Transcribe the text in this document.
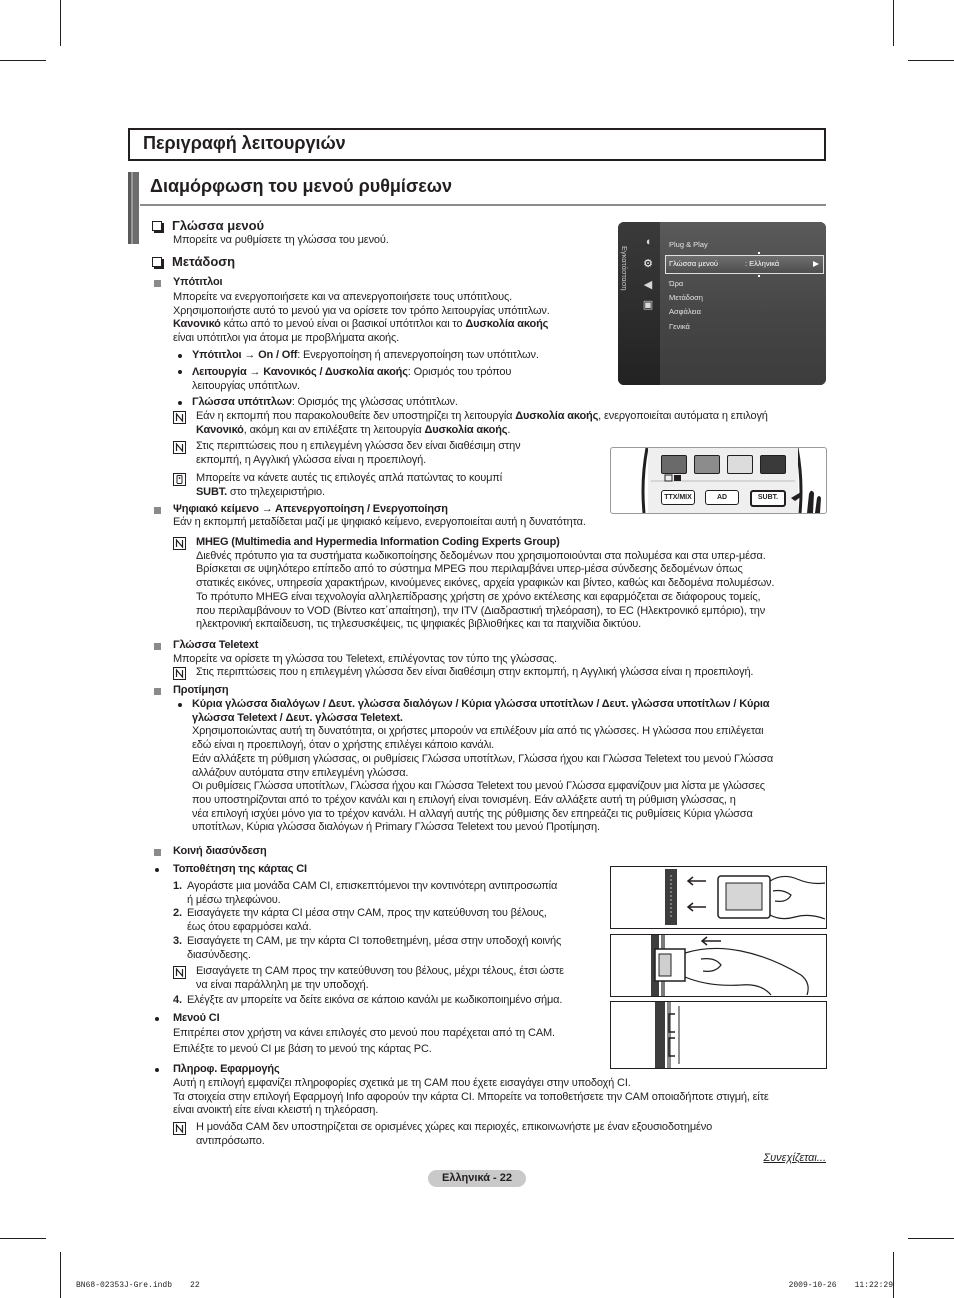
Περιγραφή λειτουργιών
Διαμόρφωση του μενού ρυθμίσεων
Γλώσσα μενού
Μπορείτε να ρυθμίσετε τη γλώσσα του μενού.
Μετάδοση
Υπότιτλοι
Μπορείτε να ενεργοποιήσετε και να απενεργοποιήσετε τους υπότιτλους.
Χρησιμοποιήστε αυτό το μενού για να ορίσετε τον τρόπο λειτουργίας υπότιτλων.
Κανονικό κάτω από το μενού είναι οι βασικοί υπότιτλοι και το Δυσκολία ακοής
είναι υπότιτλοι για άτομα με προβλήματα ακοής.
Υπότιτλοι → On / Off: Ενεργοποίηση ή απενεργοποίηση των υπότιτλων.
Λειτουργία → Κανονικός / Δυσκολία ακοής: Ορισμός του τρόπου
λειτουργίας υπότιτλων.
Γλώσσα υπότιτλων: Ορισμός της γλώσσας υπότιτλων.
Εάν η εκπομπή που παρακολουθείτε δεν υποστηρίζει τη λειτουργία Δυσκολία ακοής, ενεργοποιείται αυτόματα η επιλογή
Κανονικό, ακόμη και αν επιλέξατε τη λειτουργία Δυσκολία ακοής.
Στις περιπτώσεις που η επιλεγμένη γλώσσα δεν είναι διαθέσιμη στην
εκπομπή, η Αγγλική γλώσσα είναι η προεπιλογή.
Μπορείτε να κάνετε αυτές τις επιλογές απλά πατώντας το κουμπί
SUBT. στο τηλεχειριστήριο.
Ψηφιακό κείμενο → Απενεργοποίηση / Ενεργοποίηση
Εάν η εκπομπή μεταδίδεται μαζί με ψηφιακό κείμενο, ενεργοποιείται αυτή η δυνατότητα.
MHEG (Multimedia and Hypermedia Information Coding Experts Group)
Διεθνές πρότυπο για τα συστήματα κωδικοποίησης δεδομένων που χρησιμοποιούνται στα πολυμέσα και στα υπερ-μέσα.
Βρίσκεται σε υψηλότερο επίπεδο από το σύστημα MPEG που περιλαμβάνει υπερ-μέσα σύνδεσης δεδομένων όπως
στατικές εικόνες, υπηρεσία χαρακτήρων, κινούμενες εικόνες, αρχεία γραφικών και βίντεο, καθώς και δεδομένα πολυμέσων.
Το πρότυπο MHEG είναι τεχνολογία αλληλεπίδρασης χρήστη σε χρόνο εκτέλεσης και εφαρμόζεται σε διάφορους τομείς,
που περιλαμβάνουν το VOD (Βίντεο κατ΄απαίτηση), την ITV (Διαδραστική τηλεόραση), το EC (Ηλεκτρονικό εμπόριο), την
ηλεκτρονική εκπαίδευση, τις τηλεσυσκέψεις, τις ψηφιακές βιβλιοθήκες και τα παιχνίδια δικτύου.
Γλώσσα Teletext
Μπορείτε να ορίσετε τη γλώσσα του Teletext, επιλέγοντας τον τύπο της γλώσσας.
Στις περιπτώσεις που η επιλεγμένη γλώσσα δεν είναι διαθέσιμη στην εκπομπή, η Αγγλική γλώσσα είναι η προεπιλογή.
Προτίμηση
Κύρια γλώσσα διαλόγων / Δευτ. γλώσσα διαλόγων / Κύρια γλώσσα υποτίτλων / Δευτ. γλώσσα υποτίτλων / Κύρια
γλώσσα Teletext / Δευτ. γλώσσα Teletext.
Χρησιμοποιώντας αυτή τη δυνατότητα, οι χρήστες μπορούν να επιλέξουν μία από τις γλώσσες. Η γλώσσα που επιλέγεται
εδώ είναι η προεπιλογή, όταν ο χρήστης επιλέγει κάποιο κανάλι.
Εάν αλλάξετε τη ρύθμιση γλώσσας, οι ρυθμίσεις Γλώσσα υποτίτλων, Γλώσσα ήχου και Γλώσσα Teletext του μενού Γλώσσα
αλλάζουν αυτόματα στην επιλεγμένη γλώσσα.
Οι ρυθμίσεις Γλώσσα υποτίτλων, Γλώσσα ήχου και Γλώσσα Teletext του μενού Γλώσσα εμφανίζουν μια λίστα με γλώσσες
που υποστηρίζονται από το τρέχον κανάλι και η επιλογή είναι τονισμένη. Εάν αλλάξετε αυτή τη ρύθμιση γλώσσας, η
νέα επιλογή ισχύει μόνο για το τρέχον κανάλι. Η αλλαγή αυτής της ρύθμισης δεν επηρεάζει τις ρυθμίσεις Κύρια γλώσσα
υποτίτλων, Κύρια γλώσσα διαλόγων ή Primary Γλώσσα Teletext του μενού Προτίμηση.
Κοινή διασύνδεση
Τοποθέτηση της κάρτας CI
1. Αγοράστε μια μονάδα CAM CI, επισκεπτόμενοι την κοντινότερη αντιπροσωπία
ή μέσω τηλεφώνου.
2. Εισαγάγετε την κάρτα CI μέσα στην CAM, προς την κατεύθυνση του βέλους,
έως ότου εφαρμόσει καλά.
3. Εισαγάγετε τη CAM, με την κάρτα CI τοποθετημένη, μέσα στην υποδοχή κοινής
διασύνδεσης.
Εισαγάγετε τη CAM προς την κατεύθυνση του βέλους, μέχρι τέλους, έτσι ώστε
να είναι παράλληλη με την υποδοχή.
4. Ελέγξτε αν μπορείτε να δείτε εικόνα σε κάποιο κανάλι με κωδικοποιημένο σήμα.
Μενού CI
Επιτρέπει στον χρήστη να κάνει επιλογές στο μενού που παρέχεται από τη CAM.
Επιλέξτε το μενού CI με βάση το μενού της κάρτας PC.
Πληροφ. Εφαρμογής
Αυτή η επιλογή εμφανίζει πληροφορίες σχετικά με τη CAM που έχετε εισαγάγει στην υποδοχή CI.
Τα στοιχεία στην επιλογή Εφαρμογή Info αφορούν την κάρτα CI. Μπορείτε να τοποθετήσετε την CAM οποιαδήποτε στιγμή, είτε
είναι ανοικτή είτε είναι κλειστή η τηλεόραση.
Η μονάδα CAM δεν υποστηρίζεται σε ορισμένες χώρες και περιοχές, επικοινωνήστε με έναν εξουσιοδοτημένο
αντιπρόσωπο.
Εγκατάσταση
◖
⚙
◀
▣
Plug & Play
Γλώσσα μενού	: Ελληνικά
Ώρα
Μετάδοση
Ασφάλεια
Γενικά
TTX/MIX	AD	SUBT.
Συνεχίζεται...
Ελληνικά - 22
BN68-02353J-Gre.indb 22	2009-10-26 11:22:29
